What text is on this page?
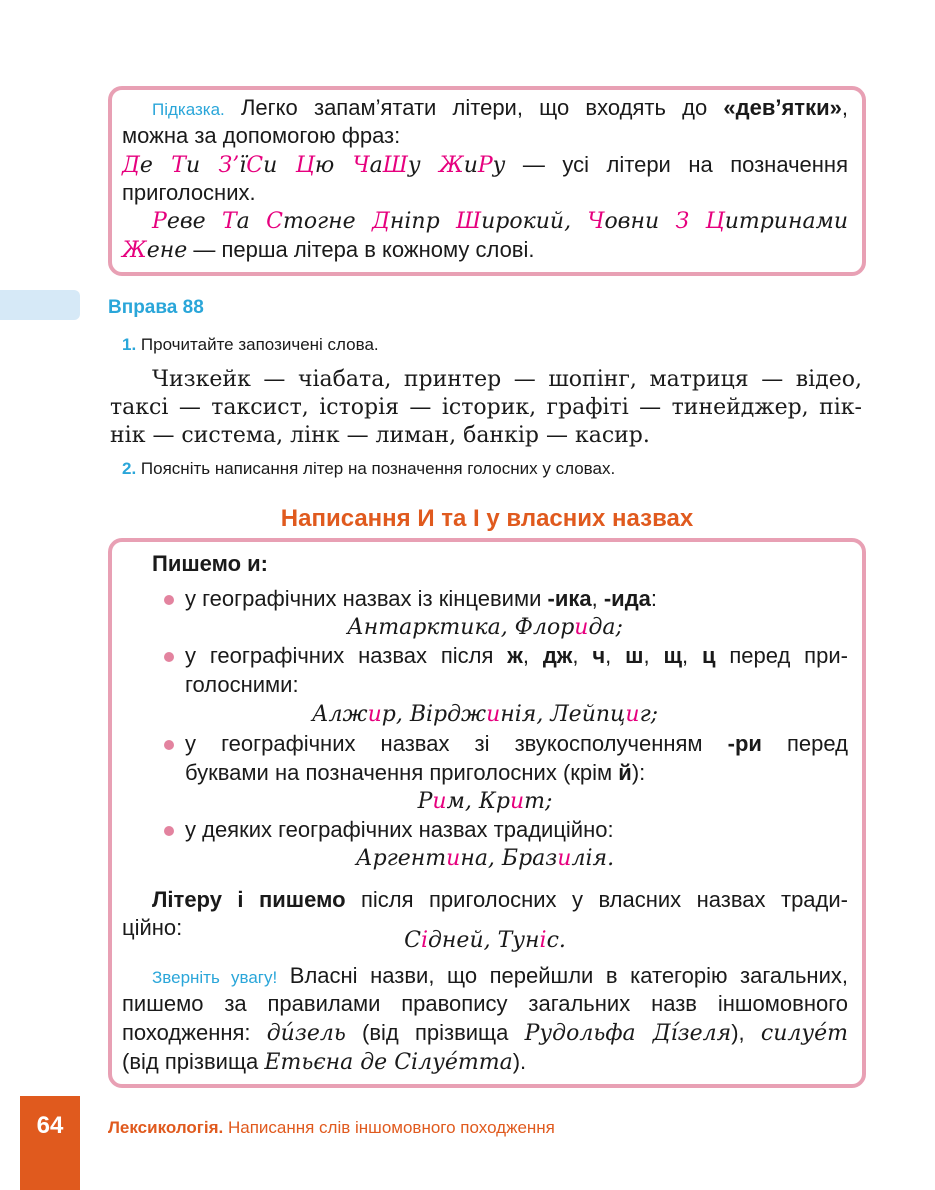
Підказка. Легко запам’ятати літери, що входять до «дев’ятки»,
можна за допомогою фраз:
Де Ти З’їСи Цю ЧаШу ЖиРу — усі літери на позначення
приголосних.
Реве Та Стогне Дніпр Широкий, Човни З Цитринами
Жене — перша літера в кожному слові.
Вправа 88
1. Прочитайте запозичені слова.
Чизкейк — чіабата, принтер — шопінг, матриця — відео,
таксі — таксист, історія — історик, графіті — тинейджер, пік-
нік — система, лінк — лиман, банкір — касир.
2. Поясніть написання літер на позначення голосних у словах.
Написання И та І у власних назвах
Пишемо и:
у географічних назвах із кінцевими -ика, -ида:
Антарктика, Флорида;
у географічних назвах після ж, дж, ч, ш, щ, ц перед при-
голосними:
Алжир, Вірджинія, Лейпциг;
у географічних назвах зі звукосполученням -ри перед
буквами на позначення приголосних (крім й):
Рим, Крит;
у деяких географічних назвах традиційно:
Аргентина, Бразилія.
Літеру і пишемо після приголосних у власних назвах тради-
ційно:
Сідней, Туніс.
Зверніть увагу! Власні назви, що перейшли в категорію загальних,
пишемо за правилами правопису загальних назв іншомовного
походження: ди́зель (від прізвища Рудольфа Ді́зеля), силуе́т
(від прізвища Етьєна де Сілуе́тта).
64	Лексикологія. Написання слів іншомовного походження
